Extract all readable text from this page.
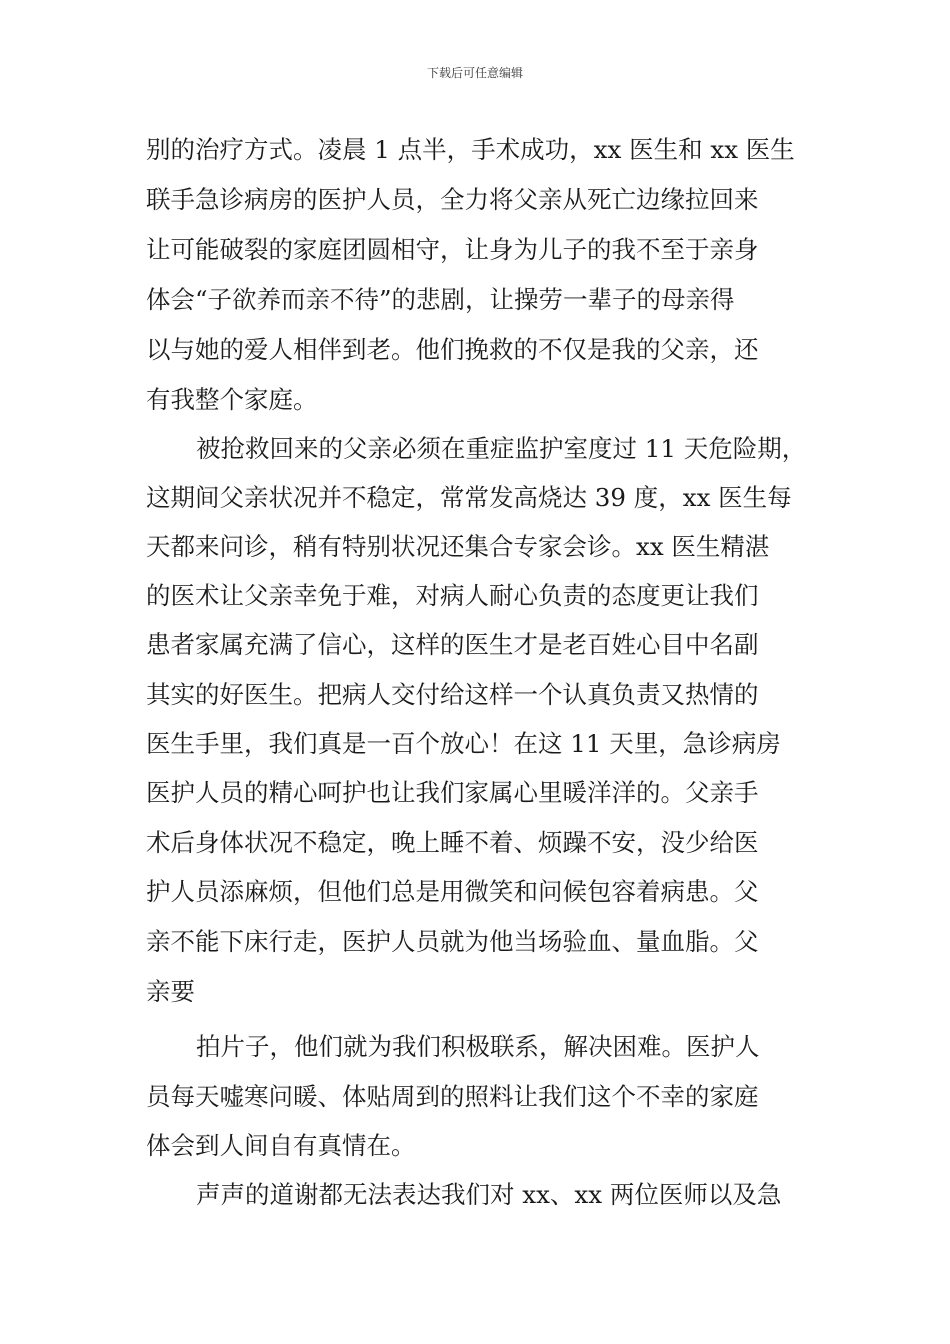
下载后可任意编辑
别的治疗方式。凌晨 1 点半，手术成功，xx 医生和 xx 医生
联手急诊病房的医护人员，全力将父亲从死亡边缘拉回来
让可能破裂的家庭团圆相守，让身为儿子的我不至于亲身
体会“子欲养而亲不待”的悲剧，让操劳一辈子的母亲得
以与她的爱人相伴到老。他们挽救的不仅是我的父亲，还
有我整个家庭。
被抢救回来的父亲必须在重症监护室度过 11 天危险期，
这期间父亲状况并不稳定，常常发高烧达 39 度，xx 医生每
天都来问诊，稍有特别状况还集合专家会诊。xx 医生精湛
的医术让父亲幸免于难，对病人耐心负责的态度更让我们
患者家属充满了信心，这样的医生才是老百姓心目中名副
其实的好医生。把病人交付给这样一个认真负责又热情的
医生手里，我们真是一百个放心！在这 11 天里，急诊病房
医护人员的精心呵护也让我们家属心里暖洋洋的。父亲手
术后身体状况不稳定，晚上睡不着、烦躁不安，没少给医
护人员添麻烦，但他们总是用微笑和问候包容着病患。父
亲不能下床行走，医护人员就为他当场验血、量血脂。父
亲要
拍片子，他们就为我们积极联系，解决困难。医护人
员每天嘘寒问暖、体贴周到的照料让我们这个不幸的家庭
体会到人间自有真情在。
声声的道谢都无法表达我们对 xx、xx 两位医师以及急
